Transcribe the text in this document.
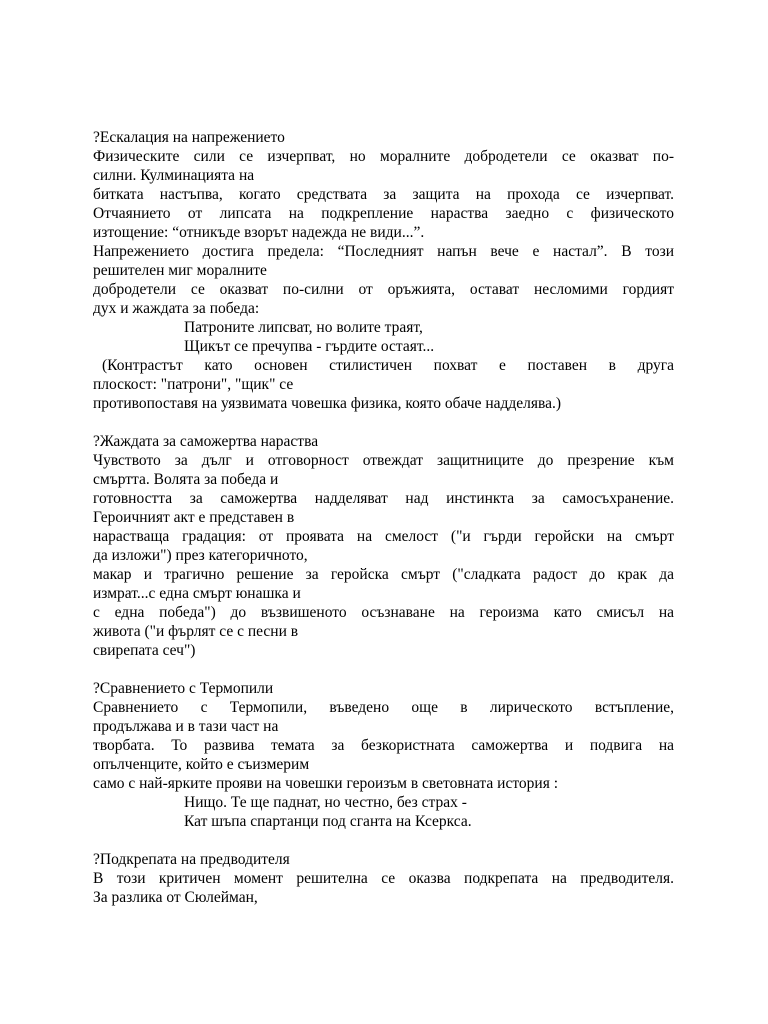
?Ескалация на напрежението
Физическите сили се изчерпват, но моралните добродетели се оказват по-
силни. Кулминацията на
битката настъпва, когато средствата за защита на прохода се изчерпват.
Отчаянието от липсата на подкрепление нараства заедно с физическото
изтощение: “отникъде взорът надежда не види...”.
Напрежението достига предела: “Последният напън вече е настал”. В този
решителен миг моралните
добродетели се оказват по-силни от оръжията, остават несломими гордият
дух и жаждата за победа:
Патроните липсват, но волите траят,
Щикът се пречупва - гърдите остаят...
(Контрастът като основен стилистичен похват е поставен в друга
плоскост: "патрони", "щик" се
противопоставя на уязвимата човешка физика, която обаче надделява.)
?Жаждата за саможертва нараства
Чувството за дълг и отговорност отвеждат защитниците до презрение към
смъртта. Волята за победа и
готовността за саможертва надделяват над инстинкта за самосъхранение.
Героичният акт е представен в
нарастваща градация: от проявата на смелост ("и гърди геройски на смърт
да изложи") през категоричното,
макар и трагично решение за геройска смърт ("сладката радост до крак да
измрат...с една смърт юнашка и
с една победа") до възвишеното осъзнаване на героизма като смисъл на
живота ("и фърлят се с песни в
свирепата сеч")
?Сравнението с Термопили
Сравнението с Термопили, въведено още в лирическото встъпление,
продължава и в тази част на
творбата. То развива темата за безкористната саможертва и подвига на
опълченците, който е съизмерим
само с най-ярките прояви на човешки героизъм в световната история :
Нищо. Те ще паднат, но честно, без страх -
Кат шъпа спартанци под сганта на Ксеркса.
?Подкрепата на предводителя
В този критичен момент решителна се оказва подкрепата на предводителя.
За разлика от Сюлейман,
